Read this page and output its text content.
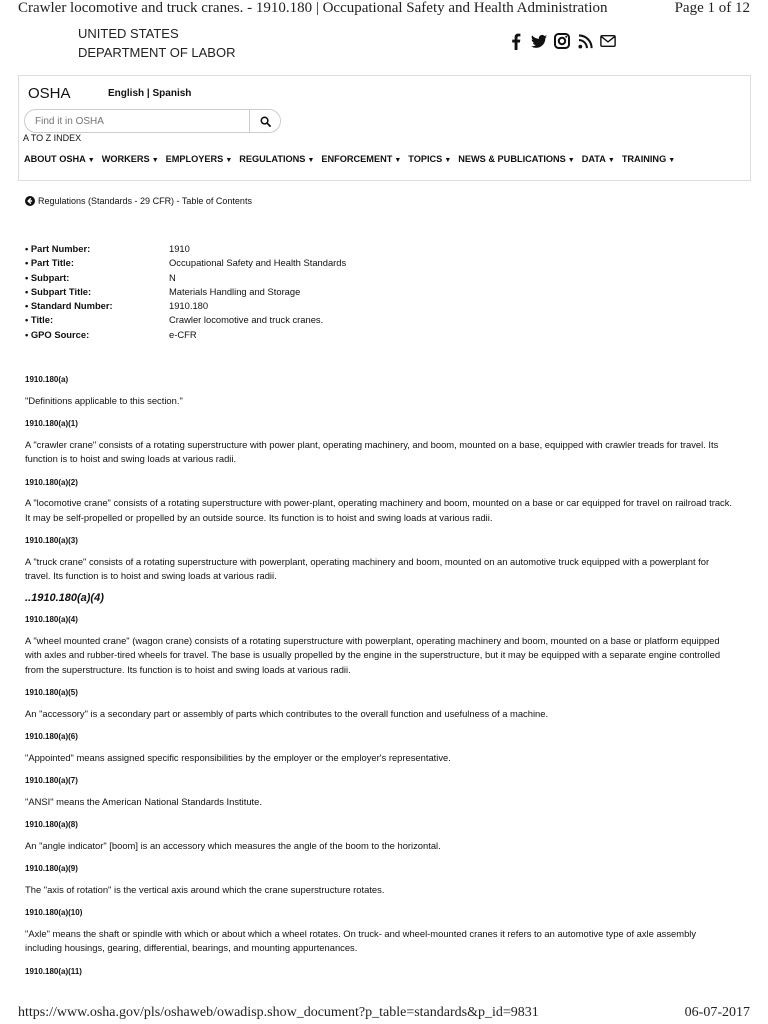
Crawler locomotive and truck cranes. - 1910.180 | Occupational Safety and Health Administration	Page 1 of 12
UNITED STATES
DEPARTMENT OF LABOR
OSHA	English | Spanish
Find it in OSHA
A TO Z INDEX
ABOUT OSHA ▼ WORKERS ▼ EMPLOYERS ▼ REGULATIONS ▼ ENFORCEMENT ▼ TOPICS ▼ NEWS & PUBLICATIONS ▼ DATA ▼ TRAINING ▼
Regulations (Standards - 29 CFR) - Table of Contents
• Part Number:	1910
• Part Title:	Occupational Safety and Health Standards
• Subpart:	N
• Subpart Title:	Materials Handling and Storage
• Standard Number:	1910.180
• Title:	Crawler locomotive and truck cranes.
• GPO Source:	e-CFR
1910.180(a)
"Definitions applicable to this section."
1910.180(a)(1)
A "crawler crane" consists of a rotating superstructure with power plant, operating machinery, and boom, mounted on a base, equipped with crawler treads for travel. Its function is to hoist and swing loads at various radii.
1910.180(a)(2)
A "locomotive crane" consists of a rotating superstructure with power-plant, operating machinery and boom, mounted on a base or car equipped for travel on railroad track. It may be self-propelled or propelled by an outside source. Its function is to hoist and swing loads at various radii.
1910.180(a)(3)
A "truck crane" consists of a rotating superstructure with powerplant, operating machinery and boom, mounted on an automotive truck equipped with a powerplant for travel. Its function is to hoist and swing loads at various radii.
..1910.180(a)(4)
1910.180(a)(4)
A "wheel mounted crane" (wagon crane) consists of a rotating superstructure with powerplant, operating machinery and boom, mounted on a base or platform equipped with axles and rubber-tired wheels for travel. The base is usually propelled by the engine in the superstructure, but it may be equipped with a separate engine controlled from the superstructure. Its function is to hoist and swing loads at various radii.
1910.180(a)(5)
An "accessory" is a secondary part or assembly of parts which contributes to the overall function and usefulness of a machine.
1910.180(a)(6)
"Appointed" means assigned specific responsibilities by the employer or the employer's representative.
1910.180(a)(7)
"ANSI" means the American National Standards Institute.
1910.180(a)(8)
An "angle indicator" [boom] is an accessory which measures the angle of the boom to the horizontal.
1910.180(a)(9)
The "axis of rotation" is the vertical axis around which the crane superstructure rotates.
1910.180(a)(10)
"Axle" means the shaft or spindle with which or about which a wheel rotates. On truck- and wheel-mounted cranes it refers to an automotive type of axle assembly including housings, gearing, differential, bearings, and mounting appurtenances.
1910.180(a)(11)
https://www.osha.gov/pls/oshaweb/owadisp.show_document?p_table=standards&p_id=9831	06-07-2017
